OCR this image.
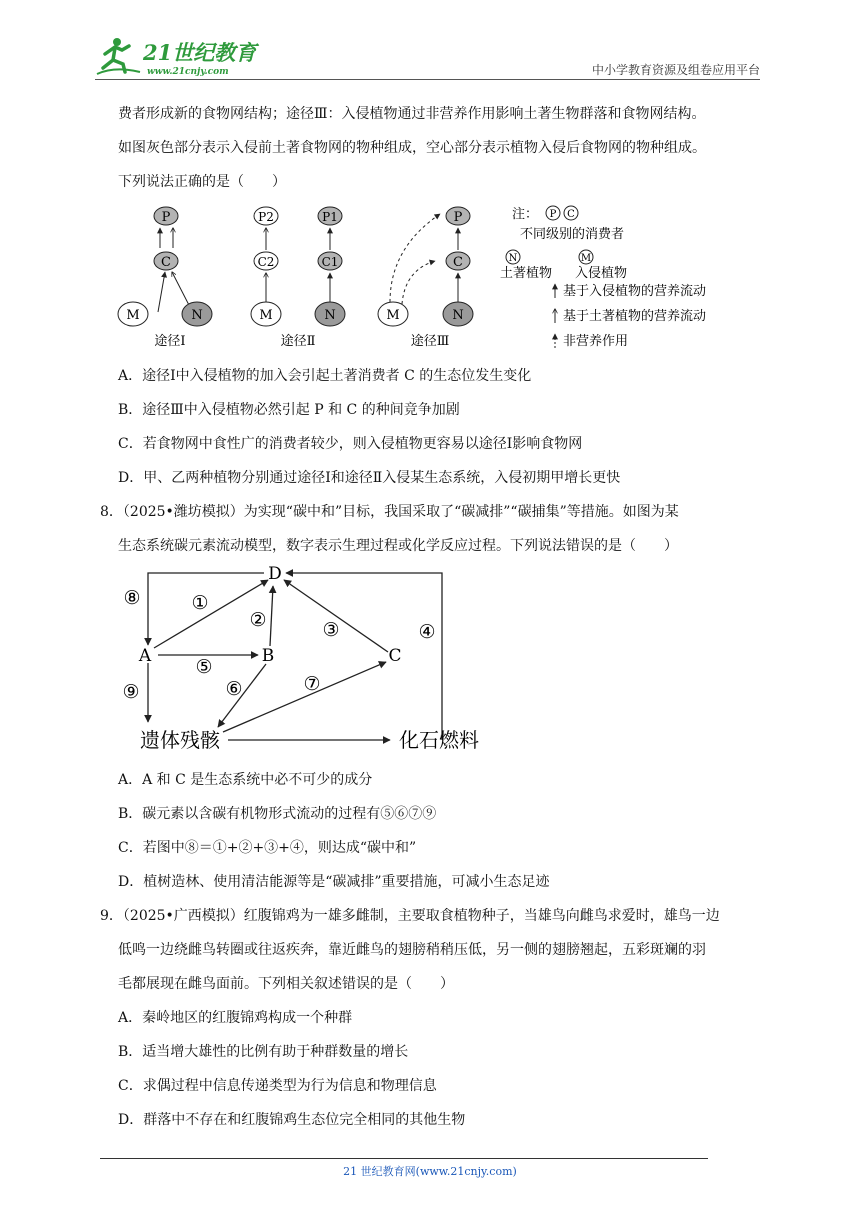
21世纪教育
www.21cnjy.com	中小学教育资源及组卷应用平台
费者形成新的食物网结构；途径Ⅲ：入侵植物通过非营养作用影响土著生物群落和食物网结构。
如图灰色部分表示入侵前土著食物网的物种组成，空心部分表示植物入侵后食物网的物种组成。
下列说法正确的是（　　）
P
C
M	N
途径Ⅰ
P2
C2
P1
C1
M	N
途径Ⅱ
P
C
M	N
途径Ⅲ
注： P C
不同级别的消费者
N	M
土著植物 入侵植物
基于入侵植物的营养流动
基于土著植物的营养流动
非营养作用
A．途径Ⅰ中入侵植物的加入会引起土著消费者 C 的生态位发生变化
B．途径Ⅲ中入侵植物必然引起 P 和 C 的种间竞争加剧
C．若食物网中食性广的消费者较少，则入侵植物更容易以途径Ⅰ影响食物网
D．甲、乙两种植物分别通过途径Ⅰ和途径Ⅱ入侵某生态系统，入侵初期甲增长更快
8．（2025•潍坊模拟）为实现“碳中和”目标，我国采取了“碳减排”“碳捕集”等措施。如图为某
生态系统碳元素流动模型，数字表示生理过程或化学反应过程。下列说法错误的是（　　）
D
A	B	C
遗体残骸	化石燃料
①
②	③	④
⑤
⑥	⑦
⑧
⑨
A．A 和 C 是生态系统中必不可少的成分
B．碳元素以含碳有机物形式流动的过程有⑤⑥⑦⑨
C．若图中⑧＝①+②+③+④，则达成“碳中和”
D．植树造林、使用清洁能源等是“碳减排”重要措施，可减小生态足迹
9．（2025•广西模拟）红腹锦鸡为一雄多雌制，主要取食植物种子，当雄鸟向雌鸟求爱时，雄鸟一边
低鸣一边绕雌鸟转圈或往返疾奔，靠近雌鸟的翅膀稍稍压低，另一侧的翅膀翘起，五彩斑斓的羽
毛都展现在雌鸟面前。下列相关叙述错误的是（　　）
A．秦岭地区的红腹锦鸡构成一个种群
B．适当增大雄性的比例有助于种群数量的增长
C．求偶过程中信息传递类型为行为信息和物理信息
D．群落中不存在和红腹锦鸡生态位完全相同的其他生物
21 世纪教育网(www.21cnjy.com)
